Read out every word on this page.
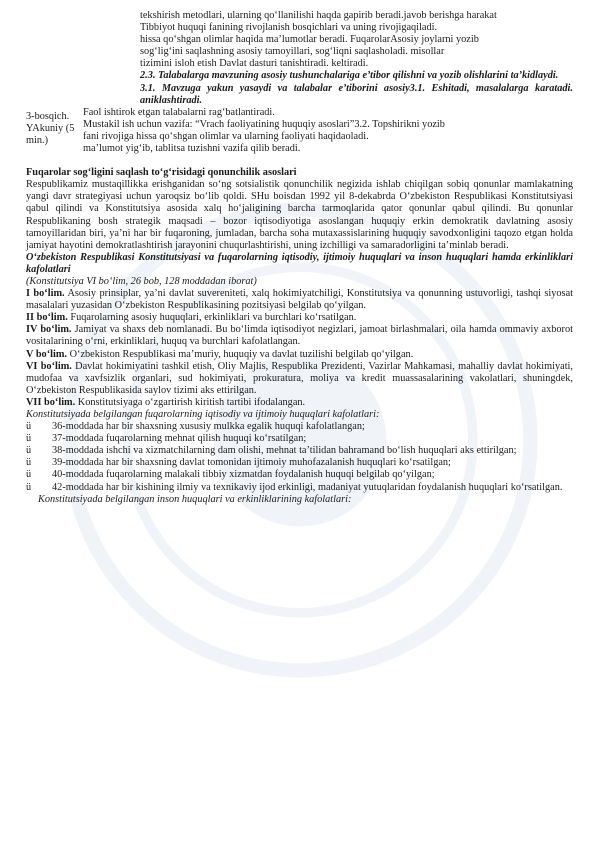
tekshirish metodlari, ularning qo‘llanilishi haqda gapirib beradi.javob berishga harakat

Tibbiyot huquqi fanining rivojlanish bosqichlari va uning rivojigaqiladi.

hissa qo‘shgan olimlar haqida ma’lumotlar beradi. FuqarolarAsosiy joylarni yozib

sog‘lig‘ini saqlashning asosiy tamoyillari, sog‘liqni saqlasholadi. misollar

tizimini isloh etish Davlat dasturi tanishtiradi. keltiradi.

2.3. Talabalarga mavzuning asosiy tushunchalariga e’tibor qilishni va yozib olishlarini ta’kidlaydi.

3.1. Mavzuga yakun yasaydi va talabalar e’tiborini asosiy3.1. Eshitadi, masalalarga karatadi. aniklashtiradi.

3-bosqich. YAkuniy (5 min.)

Faol ishtirok etgan talabalarni rag‘batlantiradi.

Mustakil ish uchun vazifa: “Vrach faoliyatining huquqiy asoslari”3.2. Topshirikni yozib

fani rivojiga hissa qo‘shgan olimlar va ularning faoliyati haqidaoladi.

ma’lumot yig‘ib, tablitsa tuzishni vazifa qilib beradi.

Fuqarolar sog‘ligini saqlash to‘g‘risidagi qonunchilik asoslari

Respublikamiz mustaqillikka erishganidan so‘ng sotsialistik qonunchilik negizida ishlab chiqilgan sobiq qonunlar mamlakatning yangi davr strategiyasi uchun yaroqsiz bo‘lib qoldi. SHu boisdan 1992 yil 8-dekabrda O‘zbekiston Respublikasi Konstitutsiyasi qabul qilindi va Konstitutsiya asosida xalq ho‘jaligining barcha tarmoqlarida qator qonunlar qabul qilindi. Bu qonunlar Respublikaning bosh strategik maqsadi – bozor iqtisodiyotiga asoslangan huquqiy erkin demokratik davlatning asosiy tamoyillaridan biri, ya’ni har bir fuqaroning, jumladan, barcha soha mutaxassislarining huquqiy savodxonligini taqozo etgan holda jamiyat hayotini demokratlashtirish jarayonini chuqurlashtirishi, uning izchilligi va samaradorligini ta’minlab beradi.

O‘zbekiston Respublikasi Konstitutsiyasi va fuqarolarning iqtisodiy, ijtimoiy huquqlari va inson huquqlari hamda erkinliklari kafolatlari

(Konstitutsiya VI bo‘lim, 26 bob, 128 moddadan iborat)

I bo‘lim. Asosiy prinsiplar, ya’ni davlat suvereniteti, xalq hokimiyatchiligi, Konstitutsiya va qonunning ustuvorligi, tashqi siyosat masalalari yuzasidan O‘zbekiston Respublikasining pozitsiyasi belgilab qo‘yilgan.

II bo‘lim. Fuqarolarning asosiy huquqlari, erkinliklari va burchlari ko‘rsatilgan.

IV bo‘lim. Jamiyat va shaxs deb nomlanadi. Bu bo‘limda iqtisodiyot negizlari, jamoat birlashmalari, oila hamda ommaviy axborot vositalarining o‘rni, erkinliklari, huquq va burchlari kafolatlangan.

V bo‘lim. O‘zbekiston Respublikasi ma’muriy, huquqiy va davlat tuzilishi belgilab qo‘yilgan.

VI bo‘lim. Davlat hokimiyatini tashkil etish, Oliy Majlis, Respublika Prezidenti, Vazirlar Mahkamasi, mahalliy davlat hokimiyati, mudofaa va xavfsizlik organlari, sud hokimiyati, prokuratura, moliya va kredit muassasalarining vakolatlari, shuningdek, O‘zbekiston Respublikasida saylov tizimi aks ettirilgan.

VII bo‘lim. Konstitutsiyaga o‘zgartirish kiritish tartibi ifodalangan.

Konstitutsiyada belgilangan fuqarolarning iqtisodiy va ijtimoiy huquqlari kafolatlari:

ü 36-moddada har bir shaxsning xususiy mulkka egalik huquqi kafolatlangan;

ü 37-moddada fuqarolarning mehnat qilish huquqi ko‘rsatilgan;

ü 38-moddada ishchi va xizmatchilarning dam olishi, mehnat ta’tilidan bahramand bo‘lish huquqlari aks ettirilgan;

ü 39-moddada har bir shaxsning davlat tomonidan ijtimoiy muhofazalanish huquqlari ko‘rsatilgan;

ü 40-moddada fuqarolarning malakali tibbiy xizmatdan foydalanish huquqi belgilab qo‘yilgan;

ü 42-moddada har bir kishining ilmiy va texnikaviy ijod erkinligi, madaniyat yutuqlaridan foydalanish huquqlari ko‘rsatilgan.

Konstitutsiyada belgilangan inson huquqlari va erkinliklarining kafolatlari:
